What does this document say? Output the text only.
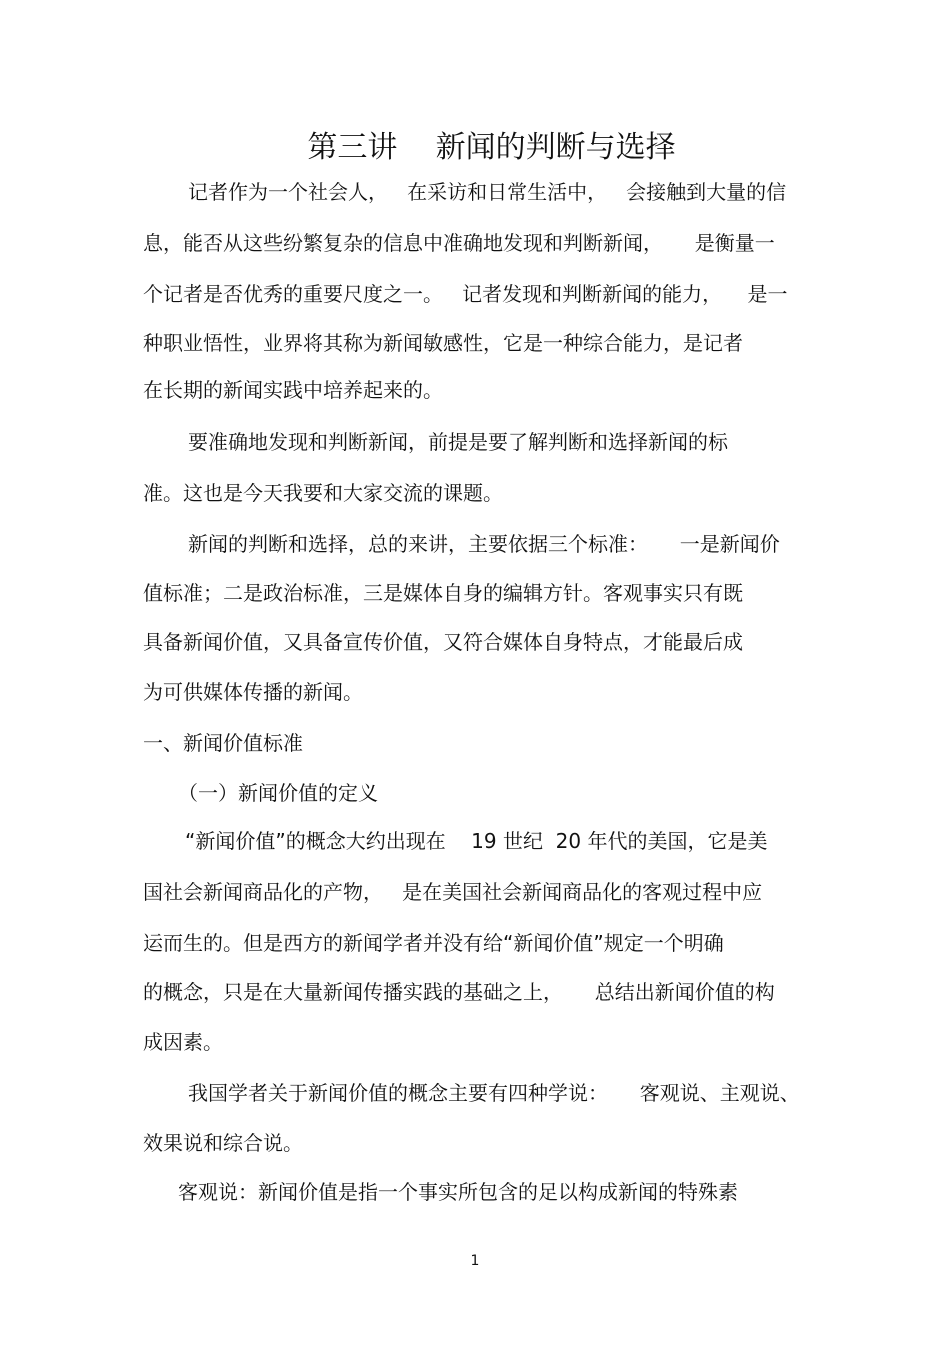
第三讲    新闻的判断与选择
记者作为一个社会人，   在采访和日常生活中，   会接触到大量的信
息，能否从这些纷繁复杂的信息中准确地发现和判断新闻，     是衡量一
个记者是否优秀的重要尺度之一。   记者发现和判断新闻的能力，    是一
种职业悟性，业界将其称为新闻敏感性，它是一种综合能力，是记者
在长期的新闻实践中培养起来的。
要准确地发现和判断新闻，前提是要了解判断和选择新闻的标
准。这也是今天我要和大家交流的课题。
新闻的判断和选择，总的来讲，主要依据三个标准：     一是新闻价
值标准；二是政治标准，三是媒体自身的编辑方针。客观事实只有既
具备新闻价值，又具备宣传价值，又符合媒体自身特点，才能最后成
为可供媒体传播的新闻。
一、新闻价值标准
（一）新闻价值的定义
“新闻价值”的概念大约出现在    19 世纪  20 年代的美国，它是美
国社会新闻商品化的产物，   是在美国社会新闻商品化的客观过程中应
运而生的。但是西方的新闻学者并没有给“新闻价值”规定一个明确
的概念，只是在大量新闻传播实践的基础之上，     总结出新闻价值的构
成因素。
我国学者关于新闻价值的概念主要有四种学说：     客观说、主观说、
效果说和综合说。
客观说：新闻价值是指一个事实所包含的足以构成新闻的特殊素
1
